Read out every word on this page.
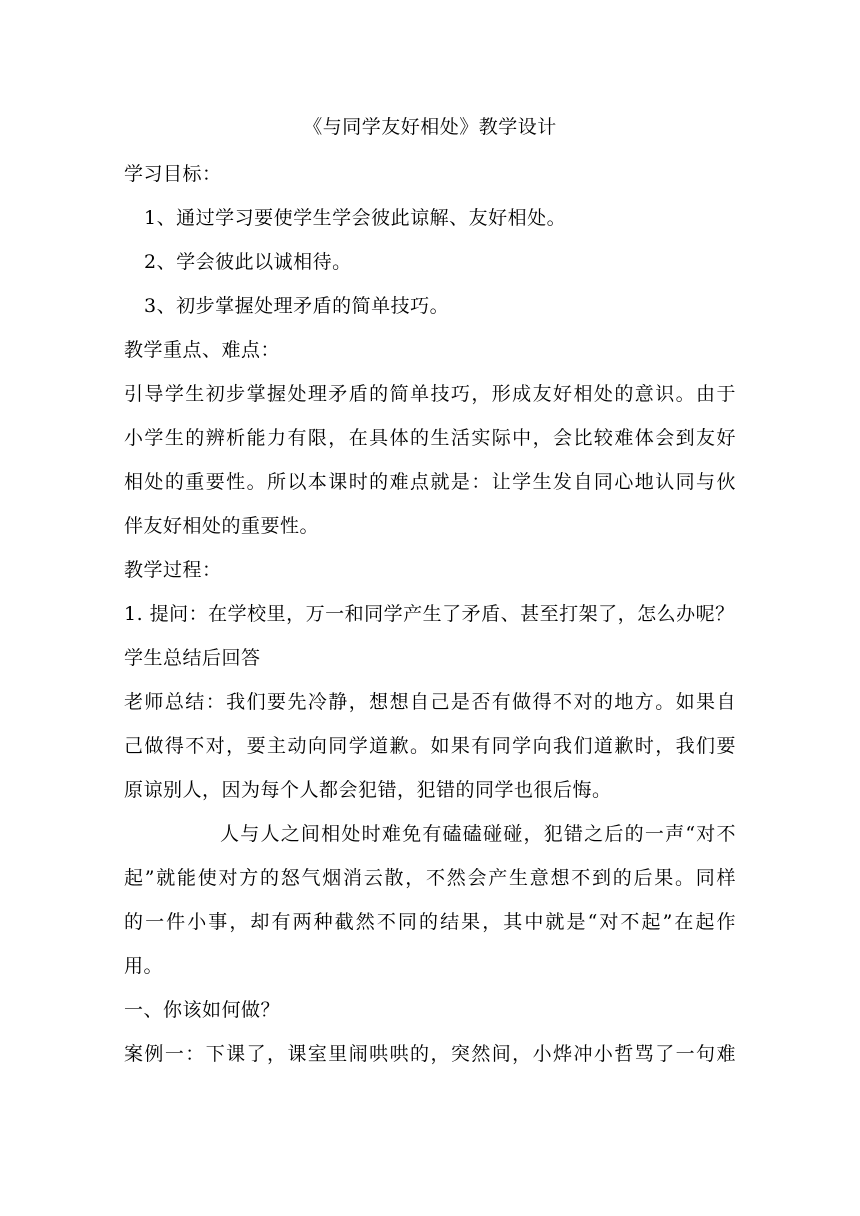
《与同学友好相处》教学设计
学习目标：
1、通过学习要使学生学会彼此谅解、友好相处。
2、学会彼此以诚相待。
3、初步掌握处理矛盾的简单技巧。
教学重点、难点：
引导学生初步掌握处理矛盾的简单技巧，形成友好相处的意识。由于
小学生的辨析能力有限，在具体的生活实际中，会比较难体会到友好
相处的重要性。所以本课时的难点就是：让学生发自同心地认同与伙
伴友好相处的重要性。
教学过程：
1. 提问：在学校里，万一和同学产生了矛盾、甚至打架了，怎么办呢？
学生总结后回答
老师总结：我们要先冷静，想想自己是否有做得不对的地方。如果自
己做得不对，要主动向同学道歉。如果有同学向我们道歉时，我们要
原谅别人，因为每个人都会犯错，犯错的同学也很后悔。
人与人之间相处时难免有磕磕碰碰，犯错之后的一声“对不
起”就能使对方的怒气烟消云散，不然会产生意想不到的后果。同样
的一件小事，却有两种截然不同的结果，其中就是“对不起”在起作
用。
一、你该如何做？
案例一：下课了，课室里闹哄哄的，突然间，小烨冲小哲骂了一句难
